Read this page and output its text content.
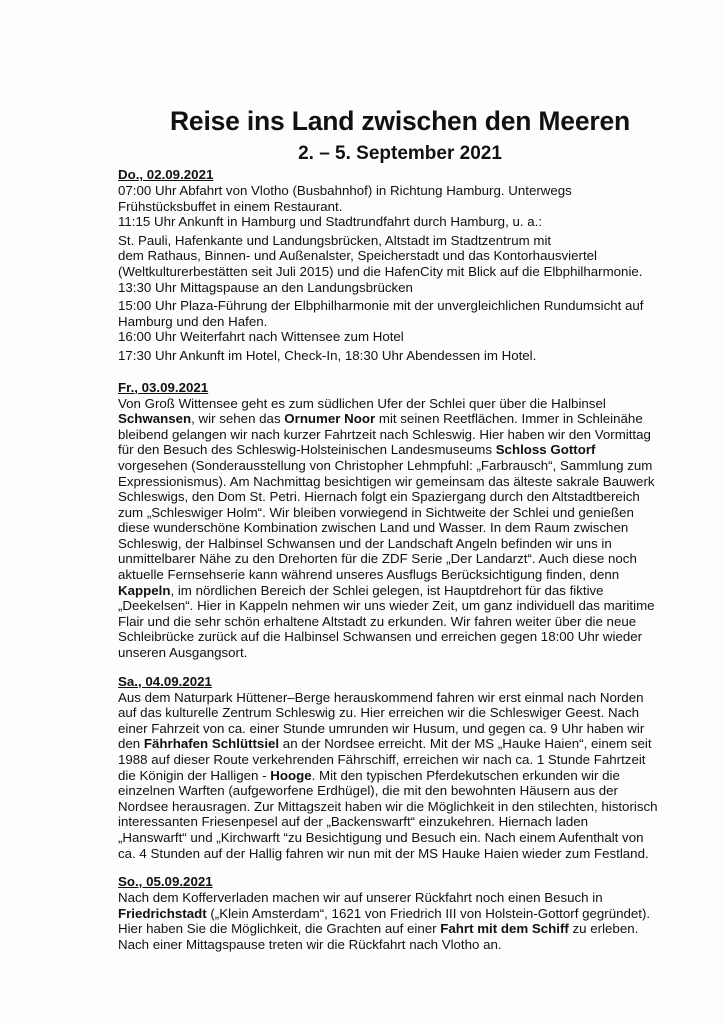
Reise ins Land zwischen den Meeren
2. – 5. September 2021
Do., 02.09.2021
07:00 Uhr Abfahrt von Vlotho (Busbahnhof) in Richtung Hamburg. Unterwegs
Frühstücksbuffet in einem Restaurant.
11:15 Uhr Ankunft in Hamburg und Stadtrundfahrt durch Hamburg, u. a.:
St. Pauli, Hafenkante und Landungsbrücken, Altstadt im Stadtzentrum mit
dem Rathaus, Binnen- und Außenalster, Speicherstadt und das Kontorhausviertel
(Weltkulturerbestätten seit Juli 2015) und die HafenCity mit Blick auf die Elbphilharmonie.
13:30 Uhr Mittagspause an den Landungsbrücken
15:00 Uhr Plaza-Führung der Elbphilharmonie mit der unvergleichlichen Rundumsicht auf
Hamburg und den Hafen.
16:00 Uhr Weiterfahrt nach Wittensee zum Hotel
17:30 Uhr Ankunft im Hotel, Check-In, 18:30 Uhr Abendessen im Hotel.
Fr., 03.09.2021

Von Groß Wittensee geht es zum südlichen Ufer der Schlei quer über die Halbinsel Schwansen, wir sehen das Ornumer Noor mit seinen Reetflächen. Immer in Schleinähe bleibend gelangen wir nach kurzer Fahrtzeit nach Schleswig. Hier haben wir den Vormittag für den Besuch des Schleswig-Holsteinischen Landesmuseums Schloss Gottorf vorgesehen (Sonderausstellung von Christopher Lehmpfuhl: „Farbrausch“, Sammlung zum Expressionismus). Am Nachmittag besichtigen wir gemeinsam das älteste sakrale Bauwerk Schleswigs, den Dom St. Petri. Hiernach folgt ein Spaziergang durch den Altstadtbereich zum „Schleswiger Holm“. Wir bleiben vorwiegend in Sichtweite der Schlei und genießen diese wunderschöne Kombination zwischen Land und Wasser. In dem Raum zwischen Schleswig, der Halbinsel Schwansen und der Landschaft Angeln befinden wir uns in unmittelbarer Nähe zu den Drehorten für die ZDF Serie „Der Landarzt“. Auch diese noch aktuelle Fernsehserie kann während unseres Ausflugs Berücksichtigung finden, denn Kappeln, im nördlichen Bereich der Schlei gelegen, ist Hauptdrehort für das fiktive „Deekelsen“. Hier in Kappeln nehmen wir uns wieder Zeit, um ganz individuell das maritime Flair und die sehr schön erhaltene Altstadt zu erkunden. Wir fahren weiter über die neue Schleibrücke zurück auf die Halbinsel Schwansen und erreichen gegen 18:00 Uhr wieder unseren Ausgangsort.

Sa., 04.09.2021

Aus dem Naturpark Hüttener–Berge herauskommend fahren wir erst einmal nach Norden auf das kulturelle Zentrum Schleswig zu. Hier erreichen wir die Schleswiger Geest. Nach einer Fahrzeit von ca. einer Stunde umrunden wir Husum, und gegen ca. 9 Uhr haben wir den Fährhafen Schlüttsiel an der Nordsee erreicht. Mit der MS „Hauke Haien“, einem seit 1988 auf dieser Route verkehrenden Fährschiff, erreichen wir nach ca. 1 Stunde Fahrtzeit die Königin der Halligen - Hooge. Mit den typischen Pferdekutschen erkunden wir die einzelnen Warften (aufgeworfene Erdhügel), die mit den bewohnten Häusern aus der Nordsee herausragen. Zur Mittagszeit haben wir die Möglichkeit in den stilechten, historisch interessanten Friesenpesel auf der „Backenswarft“ einzukehren. Hiernach laden „Hanswarft“ und „Kirchwarft “zu Besichtigung und Besuch ein. Nach einem Aufenthalt von ca. 4 Stunden auf der Hallig fahren wir nun mit der MS Hauke Haien wieder zum Festland.

So., 05.09.2021

Nach dem Kofferverladen machen wir auf unserer Rückfahrt noch einen Besuch in Friedrichstadt („Klein Amsterdam“, 1621 von Friedrich III von Holstein-Gottorf gegründet). Hier haben Sie die Möglichkeit, die Grachten auf einer Fahrt mit dem Schiff zu erleben. Nach einer Mittagspause treten wir die Rückfahrt nach Vlotho an.
